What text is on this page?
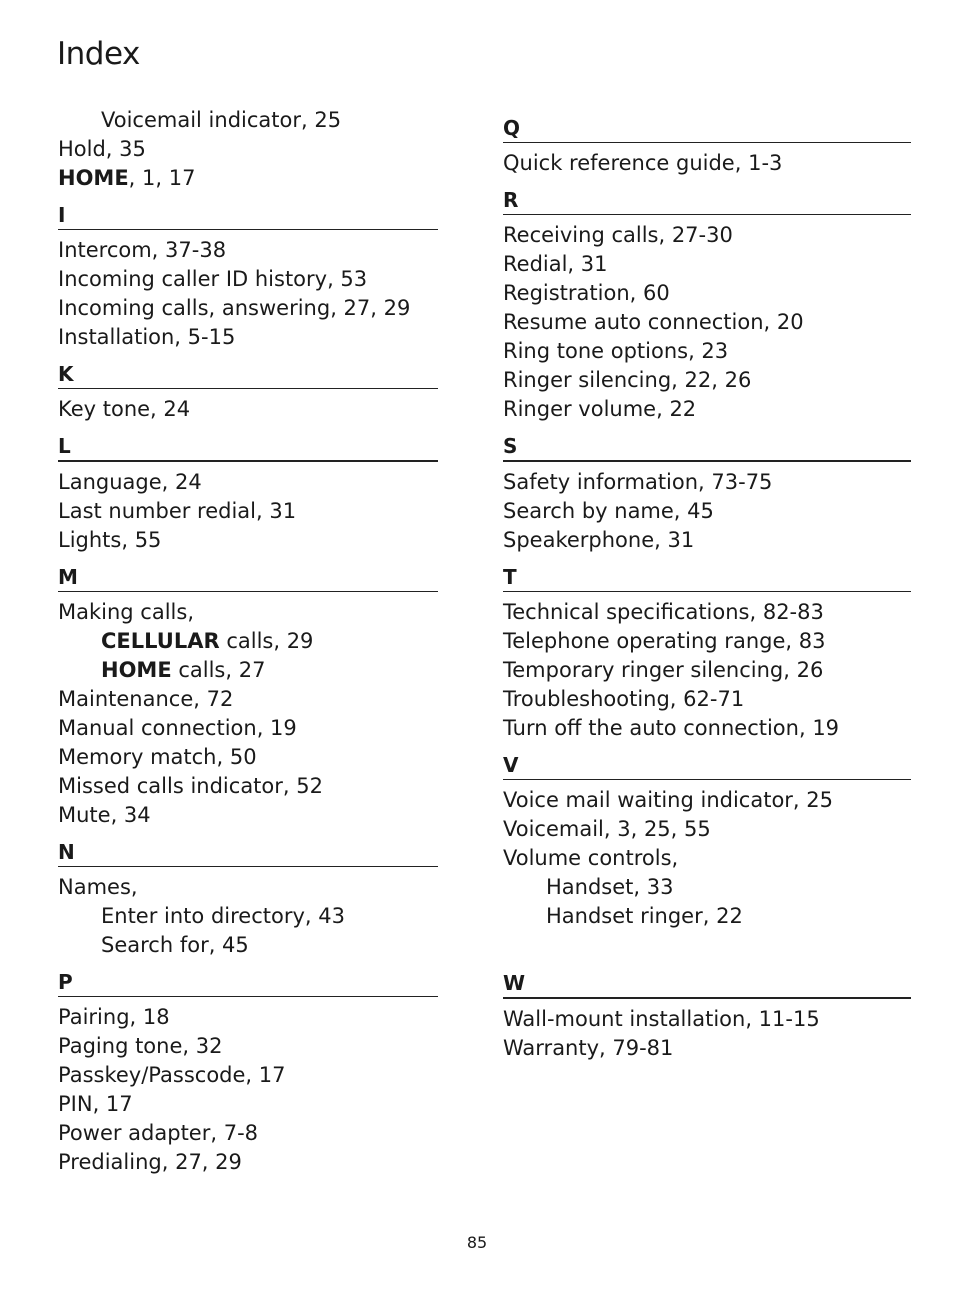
Index
Voicemail indicator, 25
Hold, 35
HOME, 1, 17
I
Intercom, 37-38
Incoming caller ID history, 53
Incoming calls, answering, 27, 29
Installation, 5-15
K
Key tone, 24
L
Language, 24
Last number redial, 31
Lights, 55
M
Making calls,
CELLULAR calls, 29
HOME calls, 27
Maintenance, 72
Manual connection, 19
Memory match, 50
Missed calls indicator, 52
Mute, 34
N
Names,
Enter into directory, 43
Search for, 45
P
Pairing, 18
Paging tone, 32
Passkey/Passcode, 17
PIN, 17
Power adapter, 7-8
Predialing, 27, 29
Q
Quick reference guide, 1-3
R
Receiving calls, 27-30
Redial, 31
Registration, 60
Resume auto connection, 20
Ring tone options, 23
Ringer silencing, 22, 26
Ringer volume, 22
S
Safety information, 73-75
Search by name, 45
Speakerphone, 31
T
Technical specifications, 82-83
Telephone operating range, 83
Temporary ringer silencing, 26
Troubleshooting, 62-71
Turn off the auto connection, 19
V
Voice mail waiting indicator, 25
Voicemail, 3, 25, 55
Volume controls,
Handset, 33
Handset ringer, 22
W
Wall-mount installation, 11-15
Warranty, 79-81
85
